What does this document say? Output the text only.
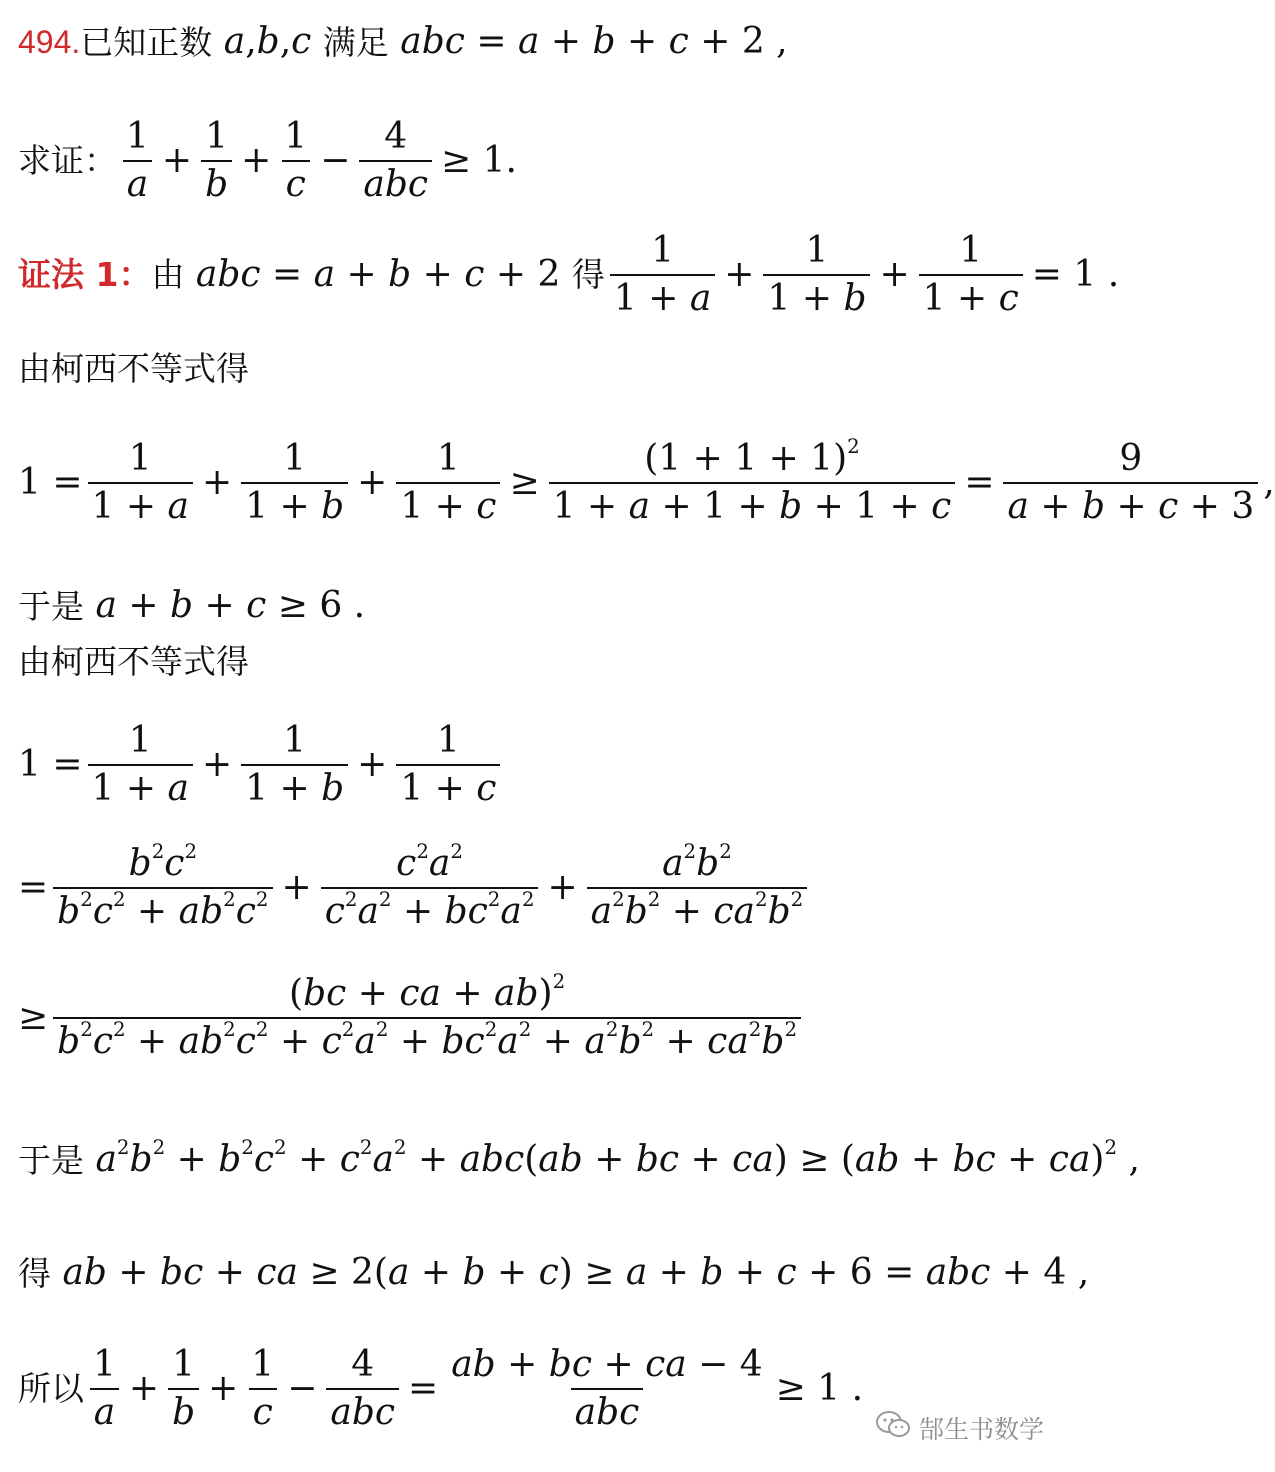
494. 已知正数 a,b,c 满足 abc = a + b + c + 2 ,
求证： $\frac{1}{a} + \frac{1}{b} + \frac{1}{c} - \frac{4}{\text{abc}} \ge 1$.
证法 1： 由 abc = a + b + c + 2 得 $\frac{1}{1 + a} + \frac{1}{1 + b} + \frac{1}{1 + c} = 1$ .
由柯西不等式得
$1 = \frac{1}{1 + a} + \frac{1}{1 + b} + \frac{1}{1 + c} \ge \frac{(1 + 1 + 1)^2}{1 + a + 1 + b + 1 + c} = \frac{9}{a + b + c + 3}$ ,
于是 a + b + c ≥ 6 .
由柯西不等式得
$1 = \frac{1}{1 + a} + \frac{1}{1 + b} + \frac{1}{1 + c}$
= $\frac{b^2c^2}{b^2c^2 + ab^2c^2} + \frac{c^2a^2}{c^2a^2 + bc^2a^2} + \frac{a^2b^2}{a^2b^2 + ca^2b^2}$
≥ $\frac{(bc + ca + ab)^2}{b^2c^2 + ab^2c^2 + c^2a^2 + bc^2a^2 + a^2b^2 + ca^2b^2}$
于是 $a^2b^2 + b^2c^2 + c^2a^2 + abc(ab$ + bc + ca) ≥ (ab + bc + ca)$^2$ ,
得 ab + bc + ca ≥ 2(a + b + c) ≥ a + b + c + 6 = abc + 4 ,
所以 $\frac{1}{a} + \frac{1}{b} + \frac{1}{c} - \frac{4}{\text{abc}} = \frac{ab + bc + ca - 4}{\text{abc}} \ge 1$ .
郜生书数学
